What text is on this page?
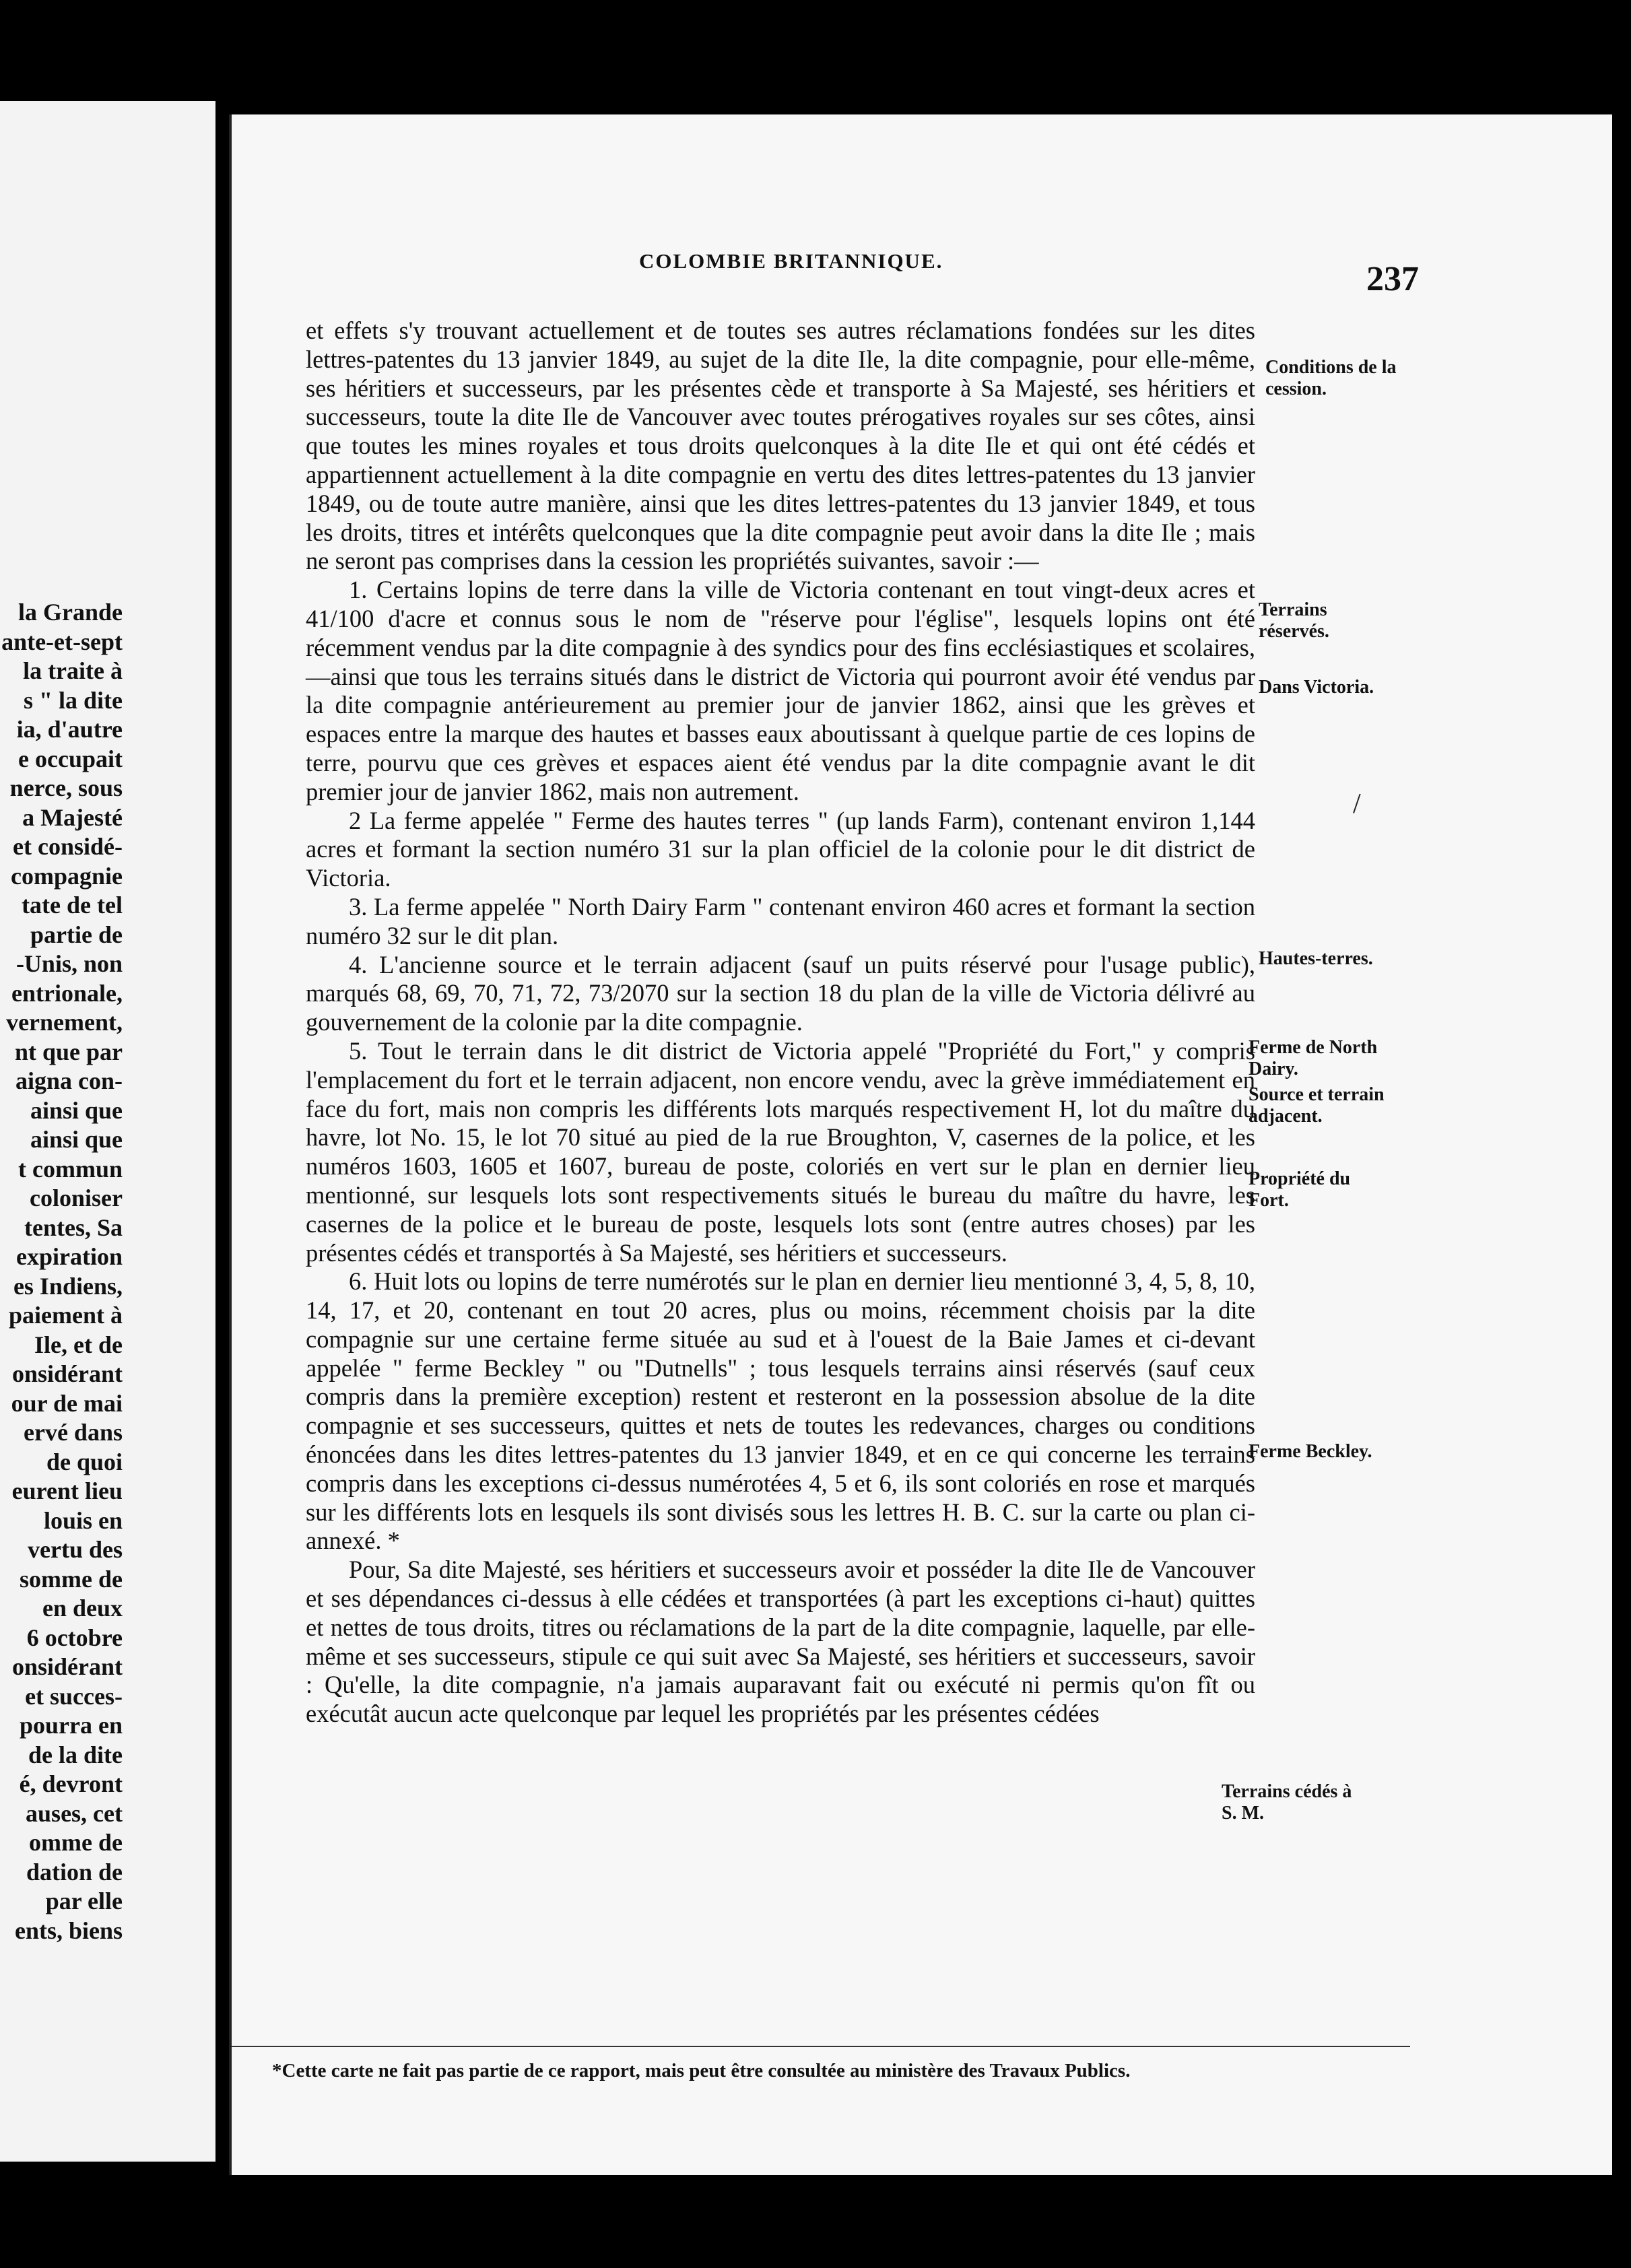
la Grande
ante-et-sept
la traite à
s " la dite
ia, d'autre
e occupait
nerce, sous
a Majesté
et considé-
compagnie
tate de tel
partie de
-Unis, non
entrionale,
vernement,
nt que par
aigna con-
ainsi que
ainsi que
t commun
coloniser
tentes, Sa
expiration
es Indiens,
paiement à
Ile, et de
onsidérant
our de mai
ervé dans
de quoi
eurent lieu
louis en
vertu des
somme de
en deux
6 octobre
onsidérant
et succes-
pourra en
de la dite
é, devront
auses, cet
omme de
dation de
par elle
ents, biens
COLOMBIE BRITANNIQUE.	237

et effets s'y trouvant actuellement et de toutes ses autres réclamations fondées sur les dites lettres-patentes du 13 janvier 1849, au sujet de la dite Ile, la dite compagnie, pour elle-même, ses héritiers et successeurs, par les présentes cède et transporte à Sa Majesté, ses héritiers et successeurs, toute la dite Ile de Vancouver avec toutes prérogatives royales sur ses côtes, ainsi que toutes les mines royales et tous droits quelconques à la dite Ile et qui ont été cédés et appartiennent actuellement à la dite compagnie en vertu des dites lettres-patentes du 13 janvier 1849, ou de toute autre manière, ainsi que les dites lettres-patentes du 13 janvier 1849, et tous les droits, titres et intérêts quelconques que la dite compagnie peut avoir dans la dite Ile ; mais ne seront pas comprises dans la cession les propriétés suivantes, savoir :—

1. Certains lopins de terre dans la ville de Victoria contenant en tout vingt-deux acres et 41/100 d'acre et connus sous le nom de "réserve pour l'église", lesquels lopins ont été récemment vendus par la dite compagnie à des syndics pour des fins ecclésiastiques et scolaires,—ainsi que tous les terrains situés dans le district de Victoria qui pourront avoir été vendus par la dite compagnie antérieurement au premier jour de janvier 1862, ainsi que les grèves et espaces entre la marque des hautes et basses eaux aboutissant à quelque partie de ces lopins de terre, pourvu que ces grèves et espaces aient été vendus par la dite compagnie avant le dit premier jour de janvier 1862, mais non autrement.

2 La ferme appelée " Ferme des hautes terres " (up lands Farm), contenant environ 1,144 acres et formant la section numéro 31 sur la plan officiel de la colonie pour le dit district de Victoria.

3. La ferme appelée " North Dairy Farm " contenant environ 460 acres et formant la section numéro 32 sur le dit plan.

4. L'ancienne source et le terrain adjacent (sauf un puits réservé pour l'usage public), marqués 68, 69, 70, 71, 72, 73/2070 sur la section 18 du plan de la ville de Victoria délivré au gouvernement de la colonie par la dite compagnie.

5. Tout le terrain dans le dit district de Victoria appelé "Propriété du Fort," y compris l'emplacement du fort et le terrain adjacent, non encore vendu, avec la grève immédiatement en face du fort, mais non compris les différents lots marqués respectivement H, lot du maître du havre, lot No. 15, le lot 70 situé au pied de la rue Broughton, V, casernes de la police, et les numéros 1603, 1605 et 1607, bureau de poste, coloriés en vert sur le plan en dernier lieu mentionné, sur lesquels lots sont respectivements situés le bureau du maître du havre, les casernes de la police et le bureau de poste, lesquels lots sont (entre autres choses) par les présentes cédés et transportés à Sa Majesté, ses héritiers et successeurs.

6. Huit lots ou lopins de terre numérotés sur le plan en dernier lieu mentionné 3, 4, 5, 8, 10, 14, 17, et 20, contenant en tout 20 acres, plus ou moins, récemment choisis par la dite compagnie sur une certaine ferme située au sud et à l'ouest de la Baie James et ci-devant appelée " ferme Beckley " ou "Dutnells" ; tous lesquels terrains ainsi réservés (sauf ceux compris dans la première exception) restent et resteront en la possession absolue de la dite compagnie et ses successeurs, quittes et nets de toutes les redevances, charges ou conditions énoncées dans les dites lettres-patentes du 13 janvier 1849, et en ce qui concerne les terrains compris dans les exceptions ci-dessus numérotées 4, 5 et 6, ils sont coloriés en rose et marqués sur les différents lots en lesquels ils sont divisés sous les lettres H. B. C. sur la carte ou plan ci-annexé. *

Pour, Sa dite Majesté, ses héritiers et successeurs avoir et posséder la dite Ile de Vancouver et ses dépendances ci-dessus à elle cédées et transportées (à part les exceptions ci-haut) quittes et nettes de tous droits, titres ou réclamations de la part de la dite compagnie, laquelle, par elle-même et ses successeurs, stipule ce qui suit avec Sa Majesté, ses héritiers et successeurs, savoir : Qu'elle, la dite compagnie, n'a jamais auparavant fait ou exécuté ni permis qu'on fît ou exécutât aucun acte quelconque par lequel les propriétés par les présentes cédées

Conditions de la cession.
Terrains réservés.
Dans Victoria.
Hautes-terres.
Ferme de North Dairy.
Source et terrain adjacent.
Propriété du Fort.
Ferme Beckley.
Terrains cédés à S. M.
/
*Cette carte ne fait pas partie de ce rapport, mais peut être consultée au ministère des Travaux Publics.
